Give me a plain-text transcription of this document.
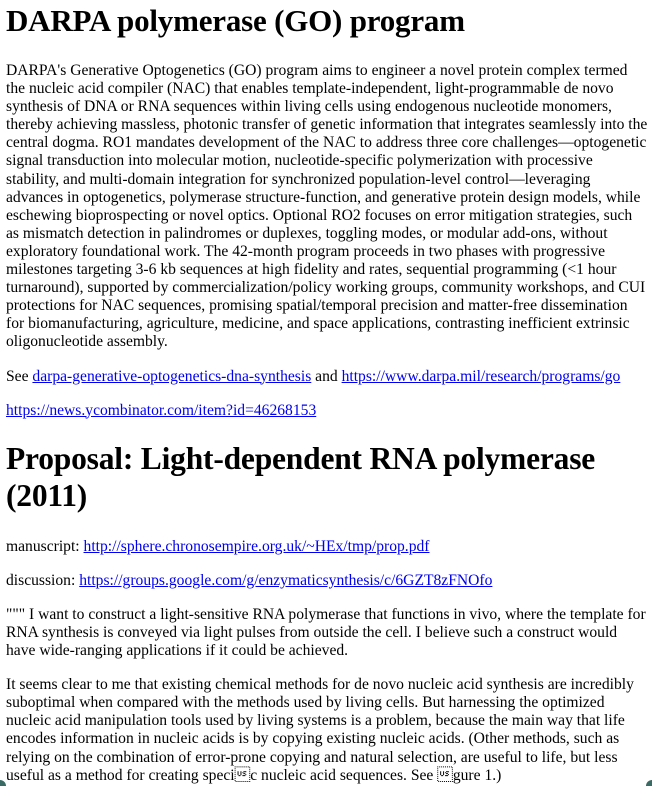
DARPA polymerase (GO) program

DARPA's Generative Optogenetics (GO) program aims to engineer a novel protein complex termed the nucleic acid compiler (NAC) that enables template-independent, light-programmable de novo synthesis of DNA or RNA sequences within living cells using endogenous nucleotide monomers, thereby achieving massless, photonic transfer of genetic information that integrates seamlessly into the central dogma. RO1 mandates development of the NAC to address three core challenges—optogenetic signal transduction into molecular motion, nucleotide-specific polymerization with processive stability, and multi-domain integration for synchronized population-level control—leveraging advances in optogenetics, polymerase structure-function, and generative protein design models, while eschewing bioprospecting or novel optics. Optional RO2 focuses on error mitigation strategies, such as mismatch detection in palindromes or duplexes, toggling modes, or modular add-ons, without exploratory foundational work. The 42-month program proceeds in two phases with progressive milestones targeting 3-6 kb sequences at high fidelity and rates, sequential programming (<1 hour turnaround), supported by commercialization/policy working groups, community workshops, and CUI protections for NAC sequences, promising spatial/temporal precision and matter-free dissemination for biomanufacturing, agriculture, medicine, and space applications, contrasting inefficient extrinsic oligonucleotide assembly.

See darpa-generative-optogenetics-dna-synthesis and https://www.darpa.mil/research/programs/go

https://news.ycombinator.com/item?id=46268153

Proposal: Light-dependent RNA polymerase (2011)

manuscript: http://sphere.chronosempire.org.uk/~HEx/tmp/prop.pdf

discussion: https://groups.google.com/g/enzymaticsynthesis/c/6GZT8zFNOfo

""" I want to construct a light-sensitive RNA polymerase that functions in vivo, where the template for RNA synthesis is conveyed via light pulses from outside the cell. I believe such a construct would have wide-ranging applications if it could be achieved.

It seems clear to me that existing chemical methods for de novo nucleic acid synthesis are incredibly suboptimal when compared with the methods used by living cells. But harnessing the optimized nucleic acid manipulation tools used by living systems is a problem, because the main way that life encodes information in nucleic acids is by copying existing nucleic acids. (Other methods, such as relying on the combination of error-prone copying and natural selection, are useful to life, but less useful as a method for creating specic nucleic acid sequences. See gure 1.)
